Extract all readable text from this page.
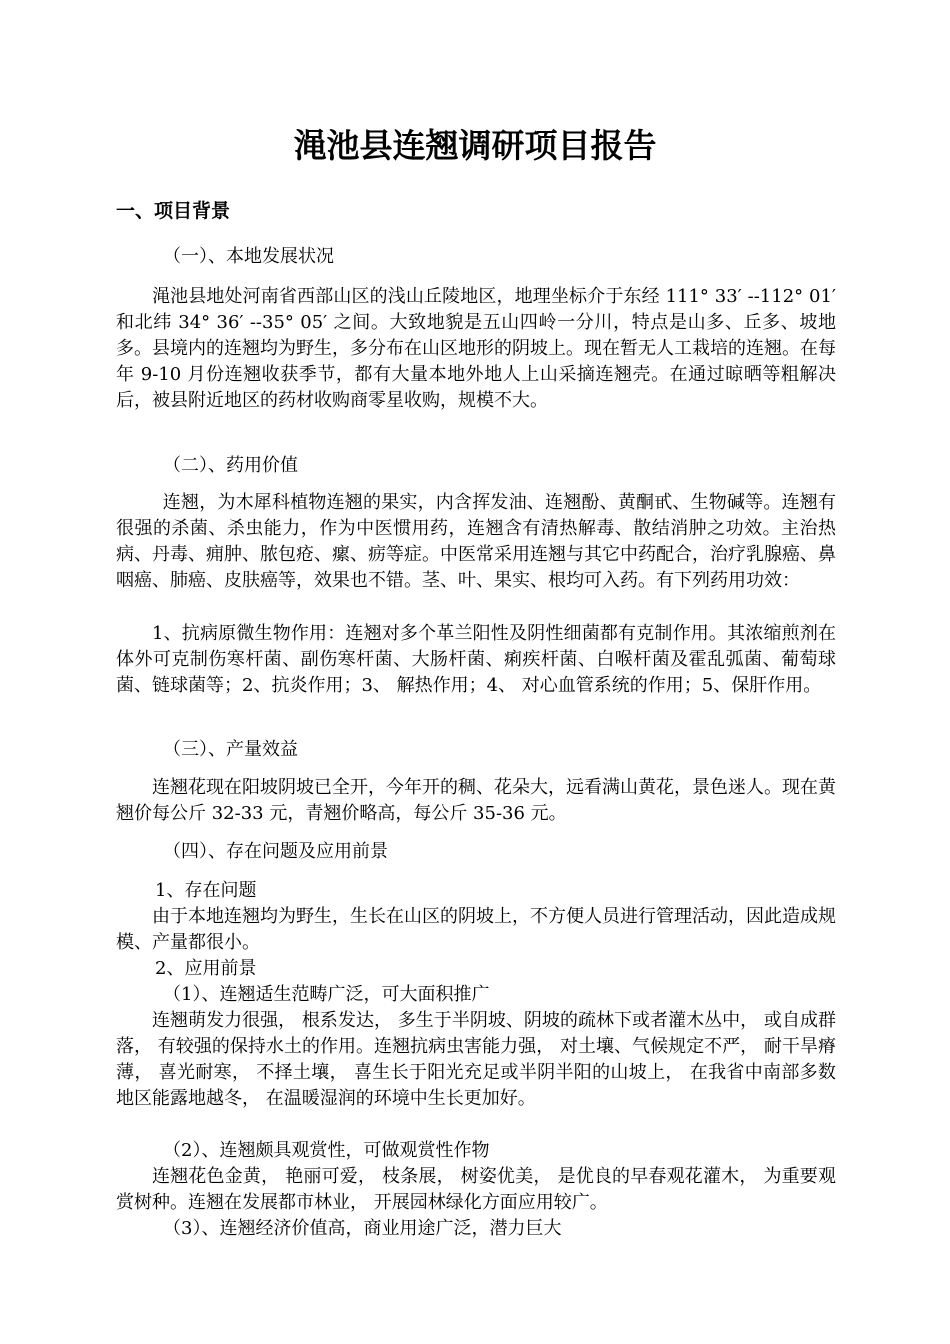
渑池县连翘调研项目报告
一、项目背景

（一）、本地发展状况

渑池县地处河南省西部山区的浅山丘陵地区，地理坐标介于东经 111° 33′ --112° 01′ 和北纬 34° 36′ --35° 05′ 之间。大致地貌是五山四岭一分川，特点是山多、丘多、坡地多。县境内的连翘均为野生，多分布在山区地形的阴坡上。现在暂无人工栽培的连翘。在每年 9-10 月份连翘收获季节，都有大量本地外地人上山采摘连翘壳。在通过晾晒等粗解决后，被县附近地区的药材收购商零星收购，规模不大。

（二）、药用价值

连翘，为木犀科植物连翘的果实，内含挥发油、连翘酚、黄酮甙、生物碱等。连翘有很强的杀菌、杀虫能力，作为中医惯用药，连翘含有清热解毒、散结消肿之功效。主治热病、丹毒、痈肿、脓包疮、瘰、疬等症。中医常采用连翘与其它中药配合，治疗乳腺癌、鼻咽癌、肺癌、皮肤癌等，效果也不错。茎、叶、果实、根均可入药。有下列药用功效：

1、抗病原微生物作用：连翘对多个革兰阳性及阴性细菌都有克制作用。其浓缩煎剂在体外可克制伤寒杆菌、副伤寒杆菌、大肠杆菌、痢疾杆菌、白喉杆菌及霍乱弧菌、葡萄球菌、链球菌等；2、抗炎作用；3、 解热作用；4、 对心血管系统的作用；5、保肝作用。

（三）、产量效益

连翘花现在阳坡阴坡已全开，今年开的稠、花朵大，远看满山黄花，景色迷人。现在黄翘价每公斤 32-33 元，青翘价略高，每公斤 35-36 元。

（四）、存在问题及应用前景

1、存在问题

由于本地连翘均为野生，生长在山区的阴坡上，不方便人员进行管理活动，因此造成规模、产量都很小。

2、应用前景

（1）、连翘适生范畴广泛，可大面积推广

连翘萌发力很强， 根系发达， 多生于半阴坡、阴坡的疏林下或者灌木丛中， 或自成群落， 有较强的保持水土的作用。连翘抗病虫害能力强， 对土壤、气候规定不严， 耐干旱瘠薄， 喜光耐寒， 不择土壤， 喜生长于阳光充足或半阴半阳的山坡上， 在我省中南部多数地区能露地越冬， 在温暖湿润的环境中生长更加好。

（2）、连翘颇具观赏性，可做观赏性作物

连翘花色金黄， 艳丽可爱， 枝条展， 树姿优美， 是优良的早春观花灌木， 为重要观赏树种。连翘在发展都市林业， 开展园林绿化方面应用较广。

（3）、连翘经济价值高，商业用途广泛，潜力巨大
